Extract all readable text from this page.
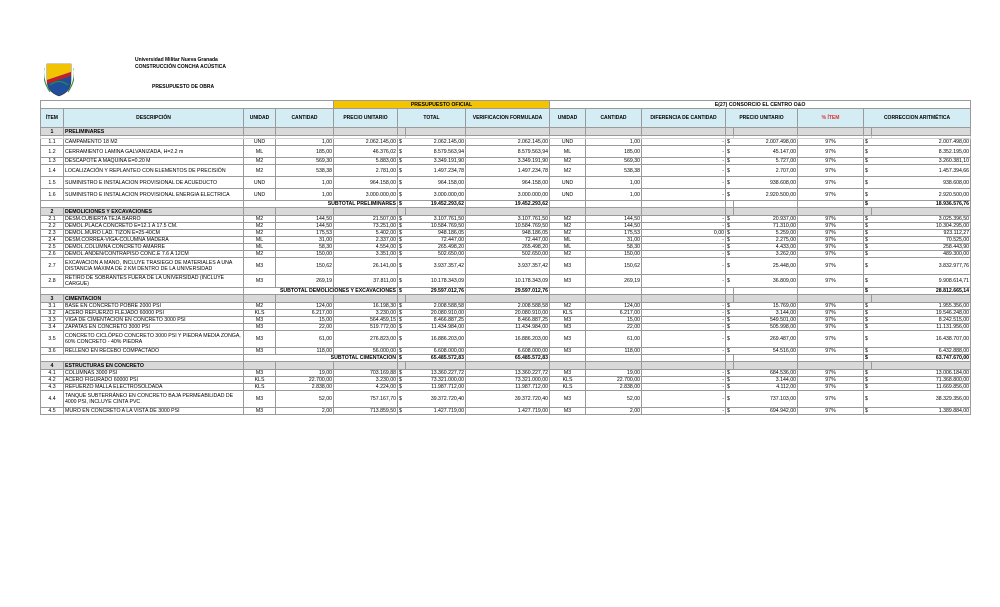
Universidad Militar Nueva Granada
CONSTRUCCIÓN CONCHA ACÚSTICA
PRESUPUESTO DE OBRA
				PRESUPUESTO OFICIAL				E(27) CONSORCIO EL CENTRO O&O							
ÍTEM	DESCRIPCIÓN	UNIDAD	CANTIDAD	PRECIO UNITARIO	TOTAL		VERIFICACION FORMULADA	UNIDAD	CANTIDAD	DIFERENCIA DE CANTIDAD	PRECIO UNITARIO		% ÍTEM	CORRECCION ARITMÉTICA	
1	PRELIMINARES														

1.1	CAMPAMENTO 18 M2	UND	1,00	2.062.145,00	$	2.062.145,00	2.062.145,00	UND	1,00	-	$	2.007.498,00	97%	$	2.007.498,00
1.2	CERRAMIENTO LAMINA GALVANIZADA, H=2.2 m	ML	185,00	46.376,02	$	8.579.563,94	8.579.563,94	ML	185,00	-	$	45.147,00	97%	$	8.352.195,00
1.3	DESCAPOTE A MAQUINA E=0.20 M	M2	569,30	5.883,00	$	3.349.191,90	3.349.191,90	M2	569,30	-	$	5.727,00	97%	$	3.260.381,10
1.4	LOCALIZACIÓN Y REPLANTEO CON ELEMENTOS DE PRECISIÓN	M2	538,38	2.781,00	$	1.497.234,78	1.497.234,78	M2	538,38	-	$	2.707,00	97%	$	1.457.394,66
1.5	SUMINISTRO E INSTALACION PROVISIONAL DE ACUEDUCTO	UND	1,00	964.158,00	$	964.158,00	964.158,00	UND	1,00	-	$	938.608,00	97%	$	938.608,00
1.6	SUMINISTRO E INSTALACION PROVISIONAL ENERGIA ELECTRICA	UND	1,00	3.000.000,00	$	3.000.000,00	3.000.000,00	UND	1,00	-	$	2.920.500,00	97%	$	2.920.500,00
		SUBTOTAL PRELIMINARES			$	19.452.293,62	19.452.293,62							$	18.936.576,76
2	DEMOLICIONES Y EXCAVACIONES														
2.1	DESM.CUBIERTA TEJA BARRO	M2	144,50	21.507,00	$	3.107.761,50	3.107.761,50	M2	144,50	-	$	20.937,00	97%	$	3.025.396,50
2.2	DEMOL.PLACA CONCRETO E=12.1 A 17.5 CM.	M2	144,50	73.251,00	$	10.584.769,50	10.584.769,50	M2	144,50	-	$	71.310,00	97%	$	10.304.295,00
2.3	DEMOL.MURO LAD. TIZON E=25-40CM	M2	175,53	5.402,00	$	948.186,05	948.186,05	M2	175,53	0,00	$	5.259,00	97%	$	923.112,27
2.4	DESM.CORREA-VIGA-COLUMNA MADERA	ML	31,00	2.337,00	$	72.447,00	72.447,00	ML	31,00	-	$	2.275,00	97%	$	70.525,00
2.5	DEMOL.COLUMNA CONCRETO AMARRE	ML	58,30	4.554,00	$	265.498,20	265.498,20	ML	58,30	-	$	4.433,00	97%	$	258.443,90
2.6	DEMOL.ANDEN/CONTRAPISO CONC.E 7.6 A 12CM	M2	150,00	3.351,00	$	502.650,00	502.650,00	M2	150,00	-	$	3.262,00	97%	$	489.300,00
2.7	EXCAVACION A MANO, INCLUYE TRASIEGO DE MATERIALES A UNA DISTANCIA MÁXIMA DE 2 KM DENTRO DE LA UNIVERSIDAD	M3	150,62	26.141,00	$	3.937.357,42	3.937.357,42	M3	150,62	-	$	25.448,00	97%	$	3.832.977,76
2.8	RETIRO DE SOBRANTES FUERA DE LA UNIVERSIDAD (INCLUYE CARGUE)	M3	269,19	37.811,00	$	10.178.343,09	10.178.343,09	M3	269,19	-	$	36.809,00	97%	$	9.908.614,71
		SUBTOTAL DEMOLICIONES Y EXCAVACIONES			$	29.597.012,76	29.597.012,76							$	28.812.665,14
3	CIMENTACION														
3.1	BASE EN CONCRETO POBRE 2000 PSI	M2	124,00	16.198,30	$	2.008.588,58	2.008.588,58	M2	124,00	-	$	15.769,00	97%	$	1.955.356,00
3.2	ACERO REFUERZO FLEJADO 60000 PSI	KLS	6.217,00	3.230,00	$	20.080.910,00	20.080.910,00	KLS	6.217,00	-	$	3.144,00	97%	$	19.546.248,00
3.3	VIGA DE CIMENTACION EN CONCRETO 3000 PSI	M3	15,00	564.459,15	$	8.466.887,25	8.466.887,25	M3	15,00	-	$	549.501,00	97%	$	8.242.515,00
3.4	ZAPATAS EN CONCRETO 3000 PSI	M3	22,00	519.772,00	$	11.434.984,00	11.434.984,00	M3	22,00	-	$	505.998,00	97%	$	11.131.956,00
3.5	CONCRETO CICLÓPEO CONCRETO 3000 PSI Y PIEDRA MEDIA ZONGA, 60% CONCRETO - 40% PIEDRA	M3	61,00	276.823,00	$	16.886.203,00	16.886.203,00	M3	61,00	-	$	269.487,00	97%	$	16.438.707,00
3.6	RELLENO EN RECEBO COMPACTADO	M3	118,00	56.000,00	$	6.608.000,00	6.608.000,00	M3	118,00	-	$	54.516,00	97%	$	6.432.888,00
		SUBTOTAL CIMENTACION			$	65.485.572,83	65.485.572,83							$	63.747.670,00
4	ESTRUCTURAS EN CONCRETO														
4.1	COLUMNAS 3000 PSI	M3	19,00	703.169,88	$	13.360.227,72	13.360.227,72	M3	19,00	-	$	684.536,00	97%	$	13.006.184,00
4.2	ACERO FIGURADO 60000 PSI	KLS	22.700,00	3.230,00	$	73.321.000,00	73.321.000,00	KLS	22.700,00	-	$	3.144,00	97%	$	71.368.800,00
4.3	REFUERZO MALLA ELECTROSOLDADA	KLS	2.838,00	4.224,00	$	11.987.712,00	11.987.712,00	KLS	2.838,00	-	$	4.112,00	97%	$	11.669.856,00
4.4	TANQUE SUBTERRÁNEO EN CONCRETO BAJA PERMEABILIDAD DE 4000 PSI, INCLUYE CINTA PVC	M3	52,00	757.167,70	$	39.372.720,40	39.372.720,40	M3	52,00	-	$	737.103,00	97%	$	38.329.356,00
4.5	MURO EN CONCRETO A LA VISTA DE 3000 PSI	M3	2,00	713.859,50	$	1.427.719,00	1.427.719,00	M3	2,00	-	$	694.942,00	97%	$	1.389.884,00
